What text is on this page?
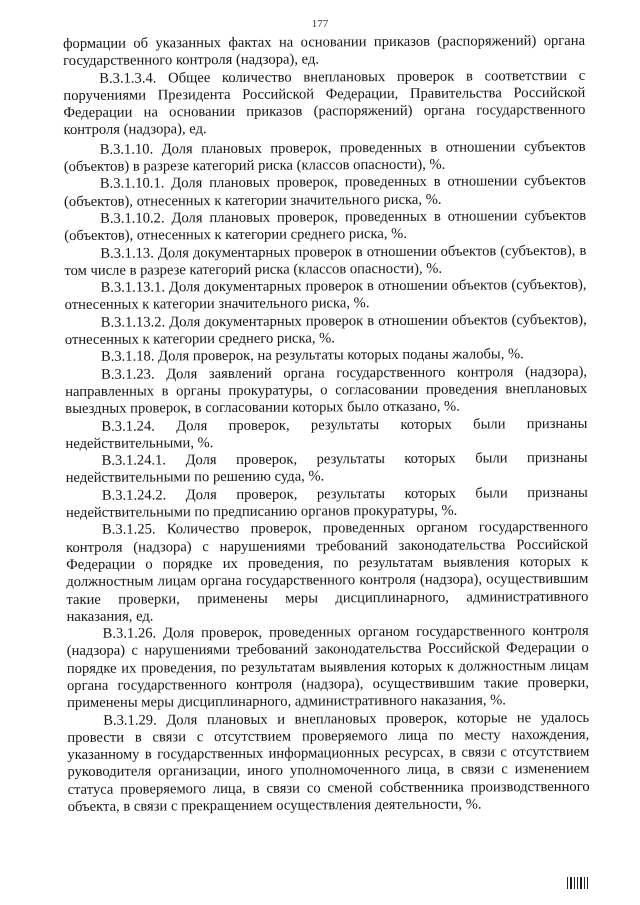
177

формации об указанных фактах на основании приказов (распоряжений) органа государственного контроля (надзора), ед.

В.3.1.3.4. Общее количество внеплановых проверок в соответствии с поручениями Президента Российской Федерации, Правительства Российской Федерации на основании приказов (распоряжений) органа государственного контроля (надзора), ед.

В.3.1.10. Доля плановых проверок, проведенных в отношении субъектов (объектов) в разрезе категорий риска (классов опасности), %.

В.3.1.10.1. Доля плановых проверок, проведенных в отношении субъектов (объектов), отнесенных к категории значительного риска, %.

В.3.1.10.2. Доля плановых проверок, проведенных в отношении субъектов (объектов), отнесенных к категории среднего риска, %.

В.3.1.13. Доля документарных проверок в отношении объектов (субъектов), в том числе в разрезе категорий риска (классов опасности), %.

В.3.1.13.1. Доля документарных проверок в отношении объектов (субъектов), отнесенных к категории значительного риска, %.

В.3.1.13.2. Доля документарных проверок в отношении объектов (субъектов), отнесенных к категории среднего риска, %.

В.3.1.18. Доля проверок, на результаты которых поданы жалобы, %.

В.3.1.23. Доля заявлений органа государственного контроля (надзора), направленных в органы прокуратуры, о согласовании проведения внеплановых выездных проверок, в согласовании которых было отказано, %.

В.3.1.24. Доля проверок, результаты которых были признаны недействительными, %.

В.3.1.24.1. Доля проверок, результаты которых были признаны недействительными по решению суда, %.

В.3.1.24.2. Доля проверок, результаты которых были признаны недействительными по предписанию органов прокуратуры, %.

В.3.1.25. Количество проверок, проведенных органом государственного контроля (надзора) с нарушениями требований законодательства Российской Федерации о порядке их проведения, по результатам выявления которых к должностным лицам органа государственного контроля (надзора), осуществившим такие проверки, применены меры дисциплинарного, административного наказания, ед.

В.3.1.26. Доля проверок, проведенных органом государственного контроля (надзора) с нарушениями требований законодательства Российской Федерации о порядке их проведения, по результатам выявления которых к должностным лицам органа государственного контроля (надзора), осуществившим такие проверки, применены меры дисциплинарного, административного наказания, %.

В.3.1.29. Доля плановых и внеплановых проверок, которые не удалось провести в связи с отсутствием проверяемого лица по месту нахождения, указанному в государственных информационных ресурсах, в связи с отсутствием руководителя организации, иного уполномоченного лица, в связи с изменением статуса проверяемого лица, в связи со сменой собственника производственного объекта, в связи с прекращением осуществления деятельности, %.
